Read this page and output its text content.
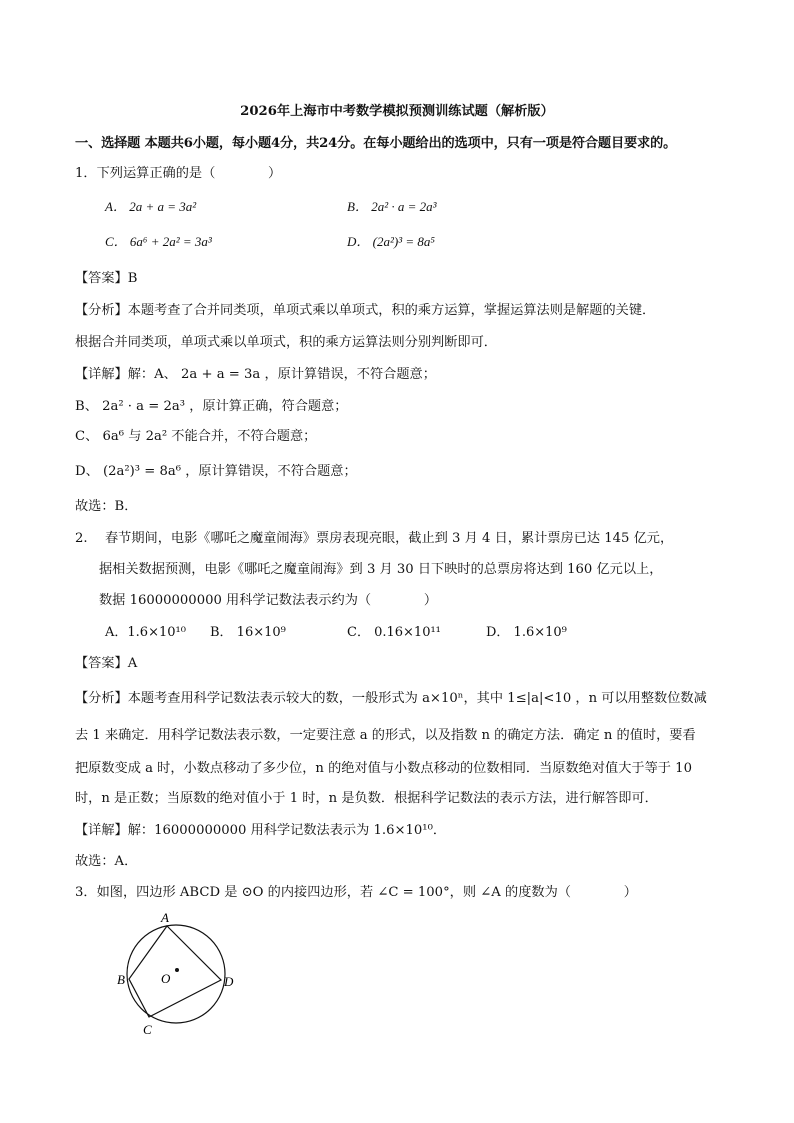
2026年上海市中考数学模拟预测训练试题（解析版）
一、选择题 本题共6小题，每小题4分，共24分。在每小题给出的选项中，只有一项是符合题目要求的。
1．下列运算正确的是（　　　　）
A． 2a + a = 3a²	B． 2a² · a = 2a³
C． 6a⁶ + 2a² = 3a³	D． (2a²)³ = 8a⁵
【答案】B
【分析】本题考查了合并同类项，单项式乘以单项式，积的乘方运算，掌握运算法则是解题的关键．
根据合并同类项，单项式乘以单项式，积的乘方运算法则分别判断即可．
【详解】解：A、 2a + a = 3a ，原计算错误，不符合题意；
B、 2a² · a = 2a³ ，原计算正确，符合题意；
C、 6a⁶ 与 2a² 不能合并，不符合题意；
D、 (2a²)³ = 8a⁶ ，原计算错误，不符合题意；
故选：B．
2.　 春节期间，电影《哪吒之魔童闹海》票房表现亮眼，截止到 3 月 4 日，累计票房已达 145 亿元，
据相关数据预测，电影《哪吒之魔童闹海》到 3 月 30 日下映时的总票房将达到 160 亿元以上，
数据 16000000000 用科学记数法表示约为（　　　　）
A．1.6×10¹⁰ B． 16×10⁹	C． 0.16×10¹¹	D． 1.6×10⁹
【答案】A
【分析】本题考查用科学记数法表示较大的数，一般形式为 a×10ⁿ，其中 1≤|a|<10 ，n 可以用整数位数减
去 1 来确定．用科学记数法表示数，一定要注意 a 的形式，以及指数 n 的确定方法．确定 n 的值时，要看
把原数变成 a 时，小数点移动了多少位，n 的绝对值与小数点移动的位数相同．当原数绝对值大于等于 10
时，n 是正数；当原数的绝对值小于 1 时，n 是负数．根据科学记数法的表示方法，进行解答即可．
【详解】解：16000000000 用科学记数法表示为 1.6×10¹⁰．
故选：A．
3．如图，四边形 ABCD 是 ⊙O 的内接四边形，若 ∠C = 100°，则 ∠A 的度数为（　　　　）
A
B
C
D
O
